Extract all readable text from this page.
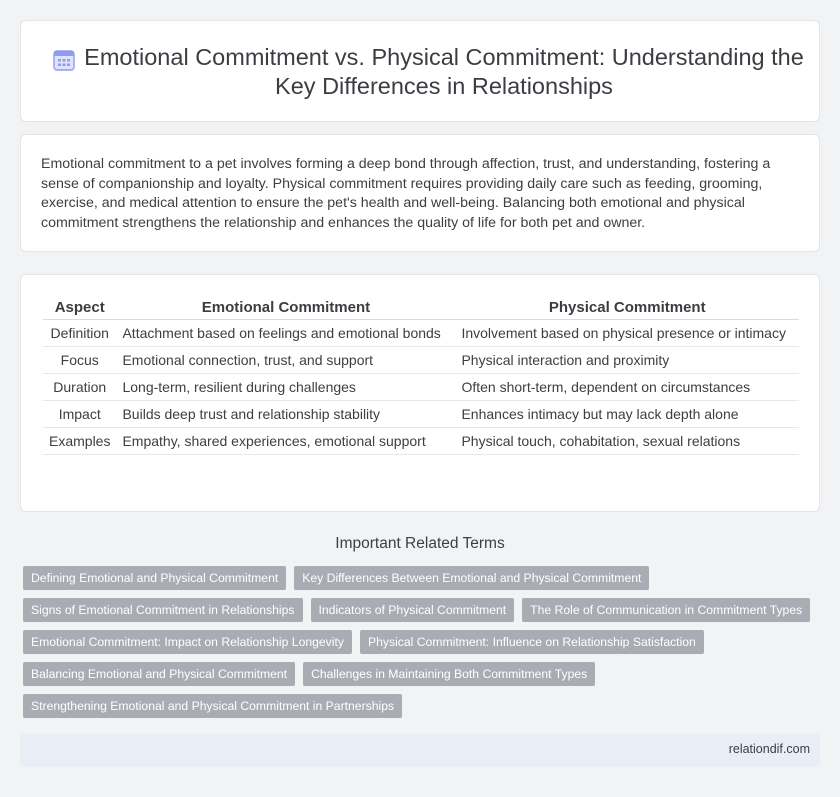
Emotional Commitment vs. Physical Commitment: Understanding the Key Differences in Relationships

Emotional commitment to a pet involves forming a deep bond through affection, trust, and understanding, fostering a sense of companionship and loyalty. Physical commitment requires providing daily care such as feeding, grooming, exercise, and medical attention to ensure the pet's health and well-being. Balancing both emotional and physical commitment strengthens the relationship and enhances the quality of life for both pet and owner.

Aspect	Emotional Commitment	Physical Commitment
Definition	Attachment based on feelings and emotional bonds	Involvement based on physical presence or intimacy
Focus	Emotional connection, trust, and support	Physical interaction and proximity
Duration	Long-term, resilient during challenges	Often short-term, dependent on circumstances
Impact	Builds deep trust and relationship stability	Enhances intimacy but may lack depth alone
Examples	Empathy, shared experiences, emotional support	Physical touch, cohabitation, sexual relations
Important Related Terms
Defining Emotional and Physical Commitment	Key Differences Between Emotional and Physical Commitment
Signs of Emotional Commitment in Relationships	Indicators of Physical Commitment	The Role of Communication in Commitment Types
Emotional Commitment: Impact on Relationship Longevity	Physical Commitment: Influence on Relationship Satisfaction
Balancing Emotional and Physical Commitment	Challenges in Maintaining Both Commitment Types
Strengthening Emotional and Physical Commitment in Partnerships
relationdif.com
